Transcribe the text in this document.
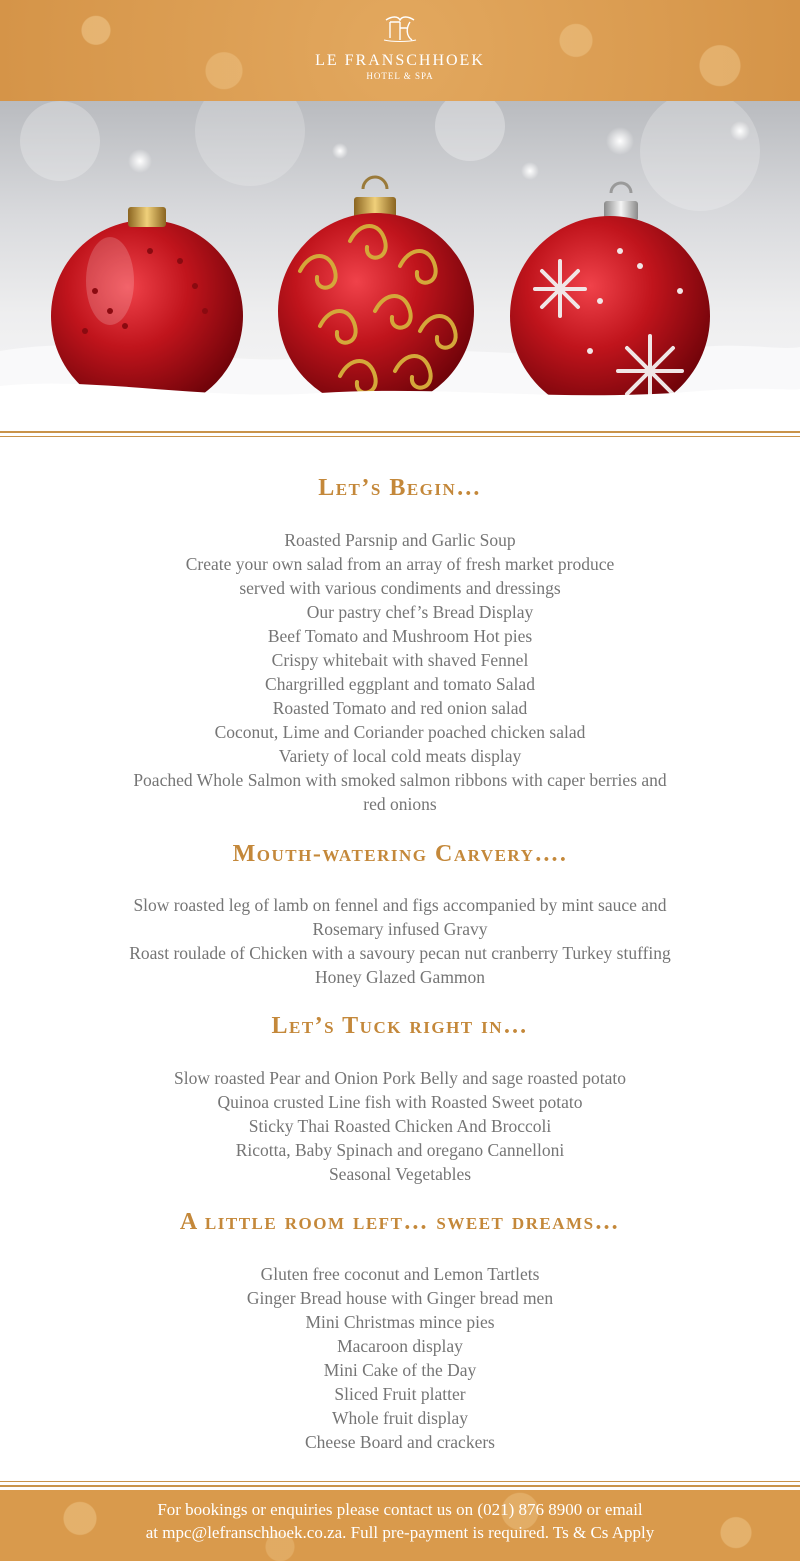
LE FRANSCHHOEK
HOTEL & SPA
Let’s Begin…
Roasted Parsnip and Garlic Soup
Create your own salad from an array of fresh market produce
served with various condiments and dressings
Our pastry chef’s Bread Display
Beef Tomato and Mushroom Hot pies
Crispy whitebait with shaved Fennel
Chargrilled eggplant and tomato Salad
Roasted Tomato and red onion salad
Coconut, Lime and Coriander poached chicken salad
Variety of local cold meats display
Poached Whole Salmon with smoked salmon ribbons with caper berries and
red onions
Mouth-watering Carvery….
Slow roasted leg of lamb on fennel and figs accompanied by mint sauce and
Rosemary infused Gravy
Roast roulade of Chicken with a savoury pecan nut cranberry Turkey stuffing
Honey Glazed Gammon
Let’s Tuck right in…
Slow roasted Pear and Onion Pork Belly and sage roasted potato
Quinoa crusted Line fish with Roasted Sweet potato
Sticky Thai Roasted Chicken And Broccoli
Ricotta, Baby Spinach and oregano Cannelloni
Seasonal Vegetables
A little room left… sweet dreams…
Gluten free coconut and Lemon Tartlets
Ginger Bread house with Ginger bread men
Mini Christmas mince pies
Macaroon display
Mini Cake of the Day
Sliced Fruit platter
Whole fruit display
Cheese Board and crackers
For bookings or enquiries please contact us on (021) 876 8900 or email
at mpc@lefranschhoek.co.za. Full pre-payment is required. Ts & Cs Apply
